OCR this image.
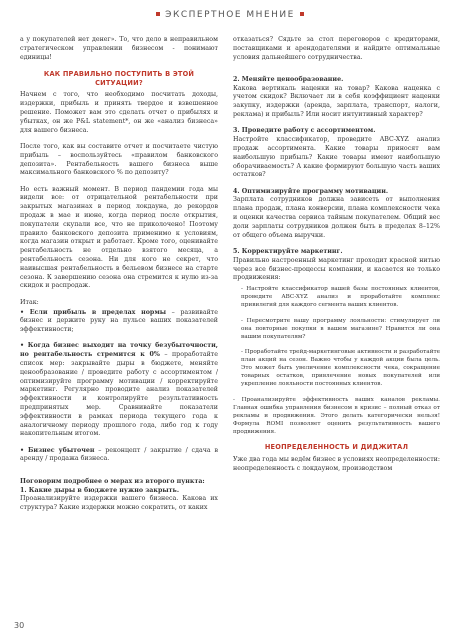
ЭКСПЕРТНОЕ МНЕНИЕ

а у покупателей нет денег». То, что дело в неправильном стратегическом управлении бизнесом - понимают единицы!

КАК ПРАВИЛЬНО ПОСТУПИТЬ В ЭТОЙ СИТУАЦИИ?

Начнем с того, что необходимо посчитать доходы, издержки, прибыль и принять твердое и взвешенное решение. Поможет вам это сделать отчет о прибылях и убытках, он же P&L statement*, он же «анализ бизнеса» для вашего бизнеса.

После того, как вы составите отчет и посчитаете чистую прибыль – воспользуйтесь «правилом банковского депозита». Рентабельность вашего бизнеса выше максимального банковского % по депозиту?

Но есть важный момент. В период пандемии года мы видели все: от отрицательной рентабельности при закрытых магазинах в период локдауна, до рекордов продаж в мае и июне, когда период после открытия, покупатели скупали все, что не приколочено! Поэтому правило банковского депозита применимо к условиям, когда магазин открыт и работает. Кроме того, оценивайте рентабельность не отдельно взятого месяца, а рентабельность сезона. Ни для кого не секрет, что наивысшая рентабельность в бельевом бизнесе на старте сезона. К завершению сезона она стремится к нулю из-за скидок и распродаж.

Итак:

• Если прибыль в пределах нормы – развивайте бизнес и держите руку на пульсе ваших показателей эффективности;

• Когда бизнес выходит на точку безубыточности, но рентабельность стремится к 0% – проработайте список мер: закрывайте дыры в бюджете, меняйте ценообразование / проведите работу с ассортиментом / оптимизируйте программу мотивации / корректируйте маркетинг. Регулярно проводите анализ показателей эффективности и контролируйте результативность предпринятых мер. Сравнивайте показатели эффективности в рамках периода текущего года к аналогичному периоду прошлого года, либо год к году накопительным итогом.

• Бизнес убыточен – реконцепт / закрытие / сдача в аренду / продажа бизнеса.

Поговорим подробнее о мерах из второго пункта:

1. Какие дыры в бюджете нужно закрыть.

Проанализируйте издержки вашего бизнеса. Какова их структура? Какие издержки можно сократить, от каких

отказаться? Сядьте за стол переговоров с кредиторами, поставщиками и арендодателями и найдите оптимальные условия дальнейшего сотрудничества.

2. Меняйте ценообразование.

Какова вертикаль наценки на товар? Какова наценка с учетом скидок? Включает ли в себя коэффициент наценки закупку, издержки (аренда, зарплата, транспорт, налоги, реклама) и прибыль? Или носит интуитивный характер?

3. Проведите работу с ассортиментом.

Настройте классификатор, проведите ABC-XYZ анализ продаж ассортимента. Какие товары приносят вам наибольшую прибыль? Какие товары имеют наибольшую оборачиваемость? А какие формируют большую часть ваших остатков?

4. Оптимизируйте программу мотивации.

Зарплата сотрудников должна зависеть от выполнения плана продаж, плана конверсии, плана комплексности чека и оценки качества сервиса тайным покупателем. Общий вес доли зарплаты сотрудников должен быть в пределах 8–12% от общего объема выручки.

5. Корректируйте маркетинг.

Правильно настроенный маркетинг проходит красной нитью через все бизнес-процессы компании, и касается не только продвижения:

- Настройте классификатор вашей базы постоянных клиентов, проведите ABC-XYZ анализ и проработайте комплекс привилегий для каждого сегмента ваших клиентов.

- Пересмотрите вашу программу лояльности: стимулирует ли она повторные покупки в вашем магазине? Нравится ли она вашим покупателям?

- Проработайте трейд-маркетинговые активности и разработайте план акций на сезон. Важно чтобы у каждой акции была цель. Это может быть увеличение комплексности чека, сокращение товарных остатков, привлечение новых покупателей или укрепление лояльности постоянных клиентов.

- Проанализируйте эффективность ваших каналов рекламы. Главная ошибка управления бизнесом в кризис – полный отказ от рекламы и продвижения. Этого делать категорически нельзя! Формула ROMI позволяет оценить результативность вашего продвижения.

НЕОПРЕДЕЛЕННОСТЬ И ДИДЖИТАЛ

Уже два года мы ведём бизнес в условиях неопределенности: неопределенность с локдауном, производством

30
